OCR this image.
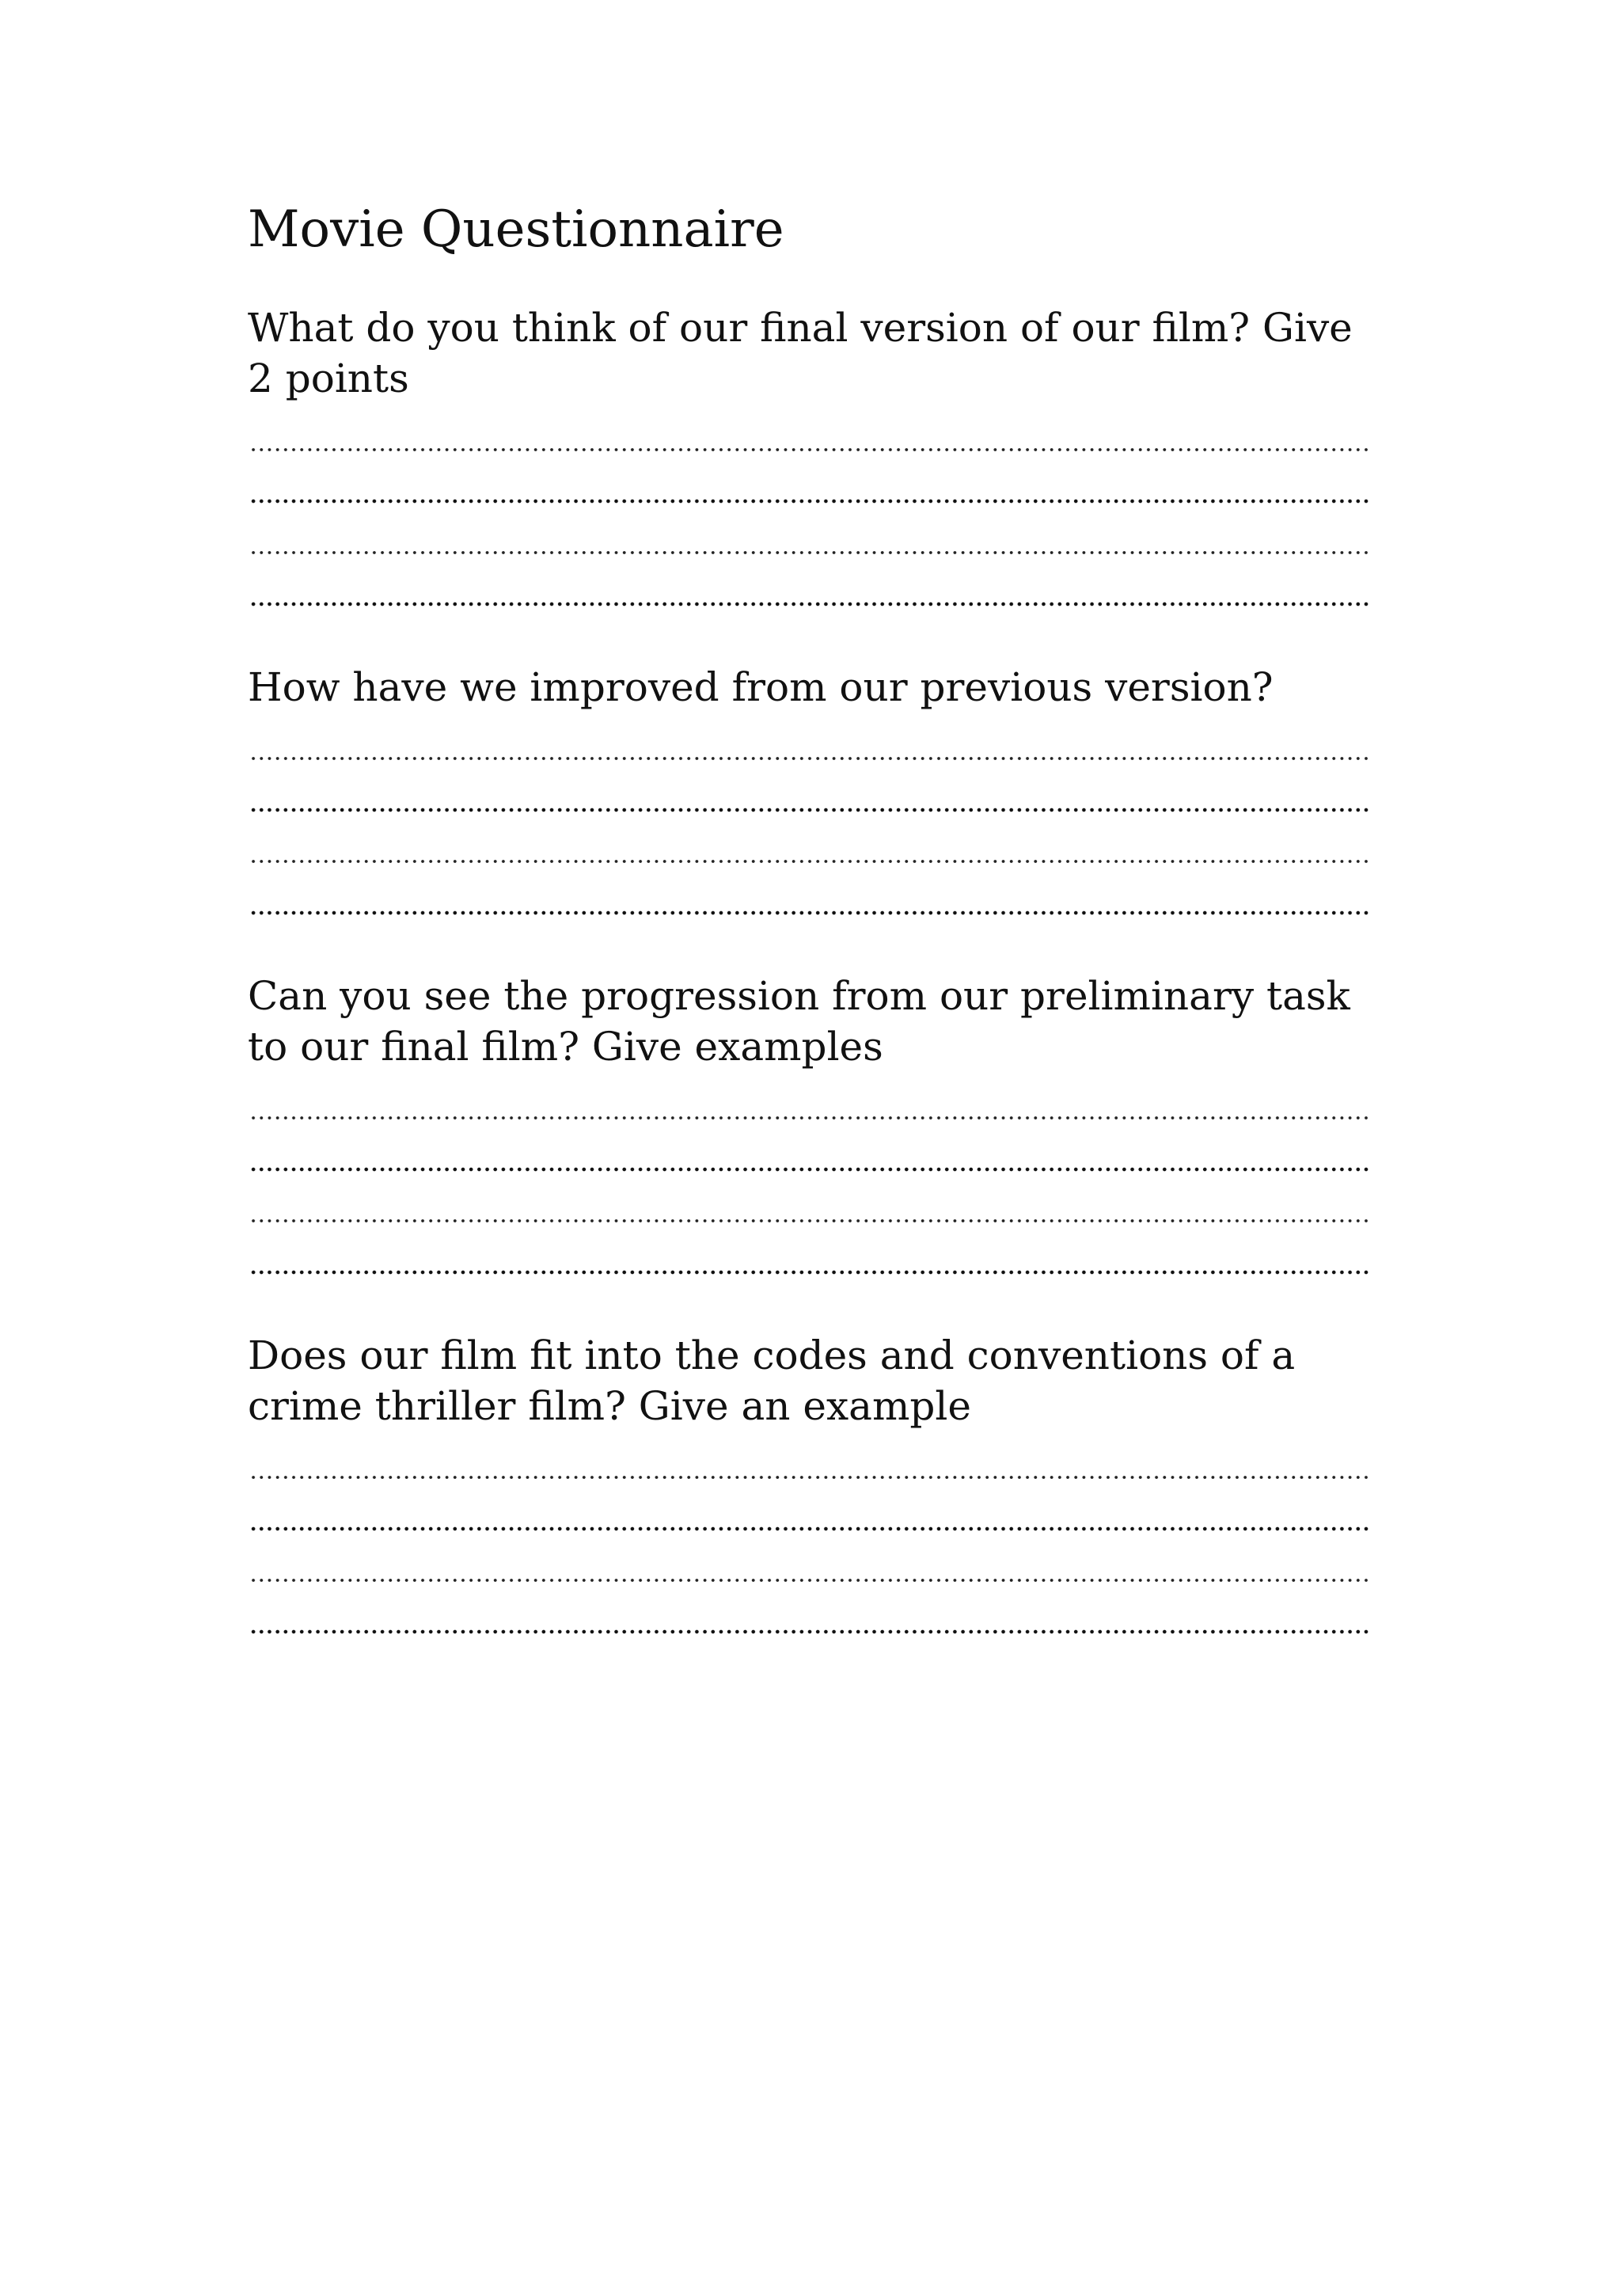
Movie Questionnaire
What do you think of our final version of our film? Give 2 points
How have we improved from our previous version?
Can you see the progression from our preliminary task to our final film? Give examples
Does our film fit into the codes and conventions of a crime thriller film? Give an example
